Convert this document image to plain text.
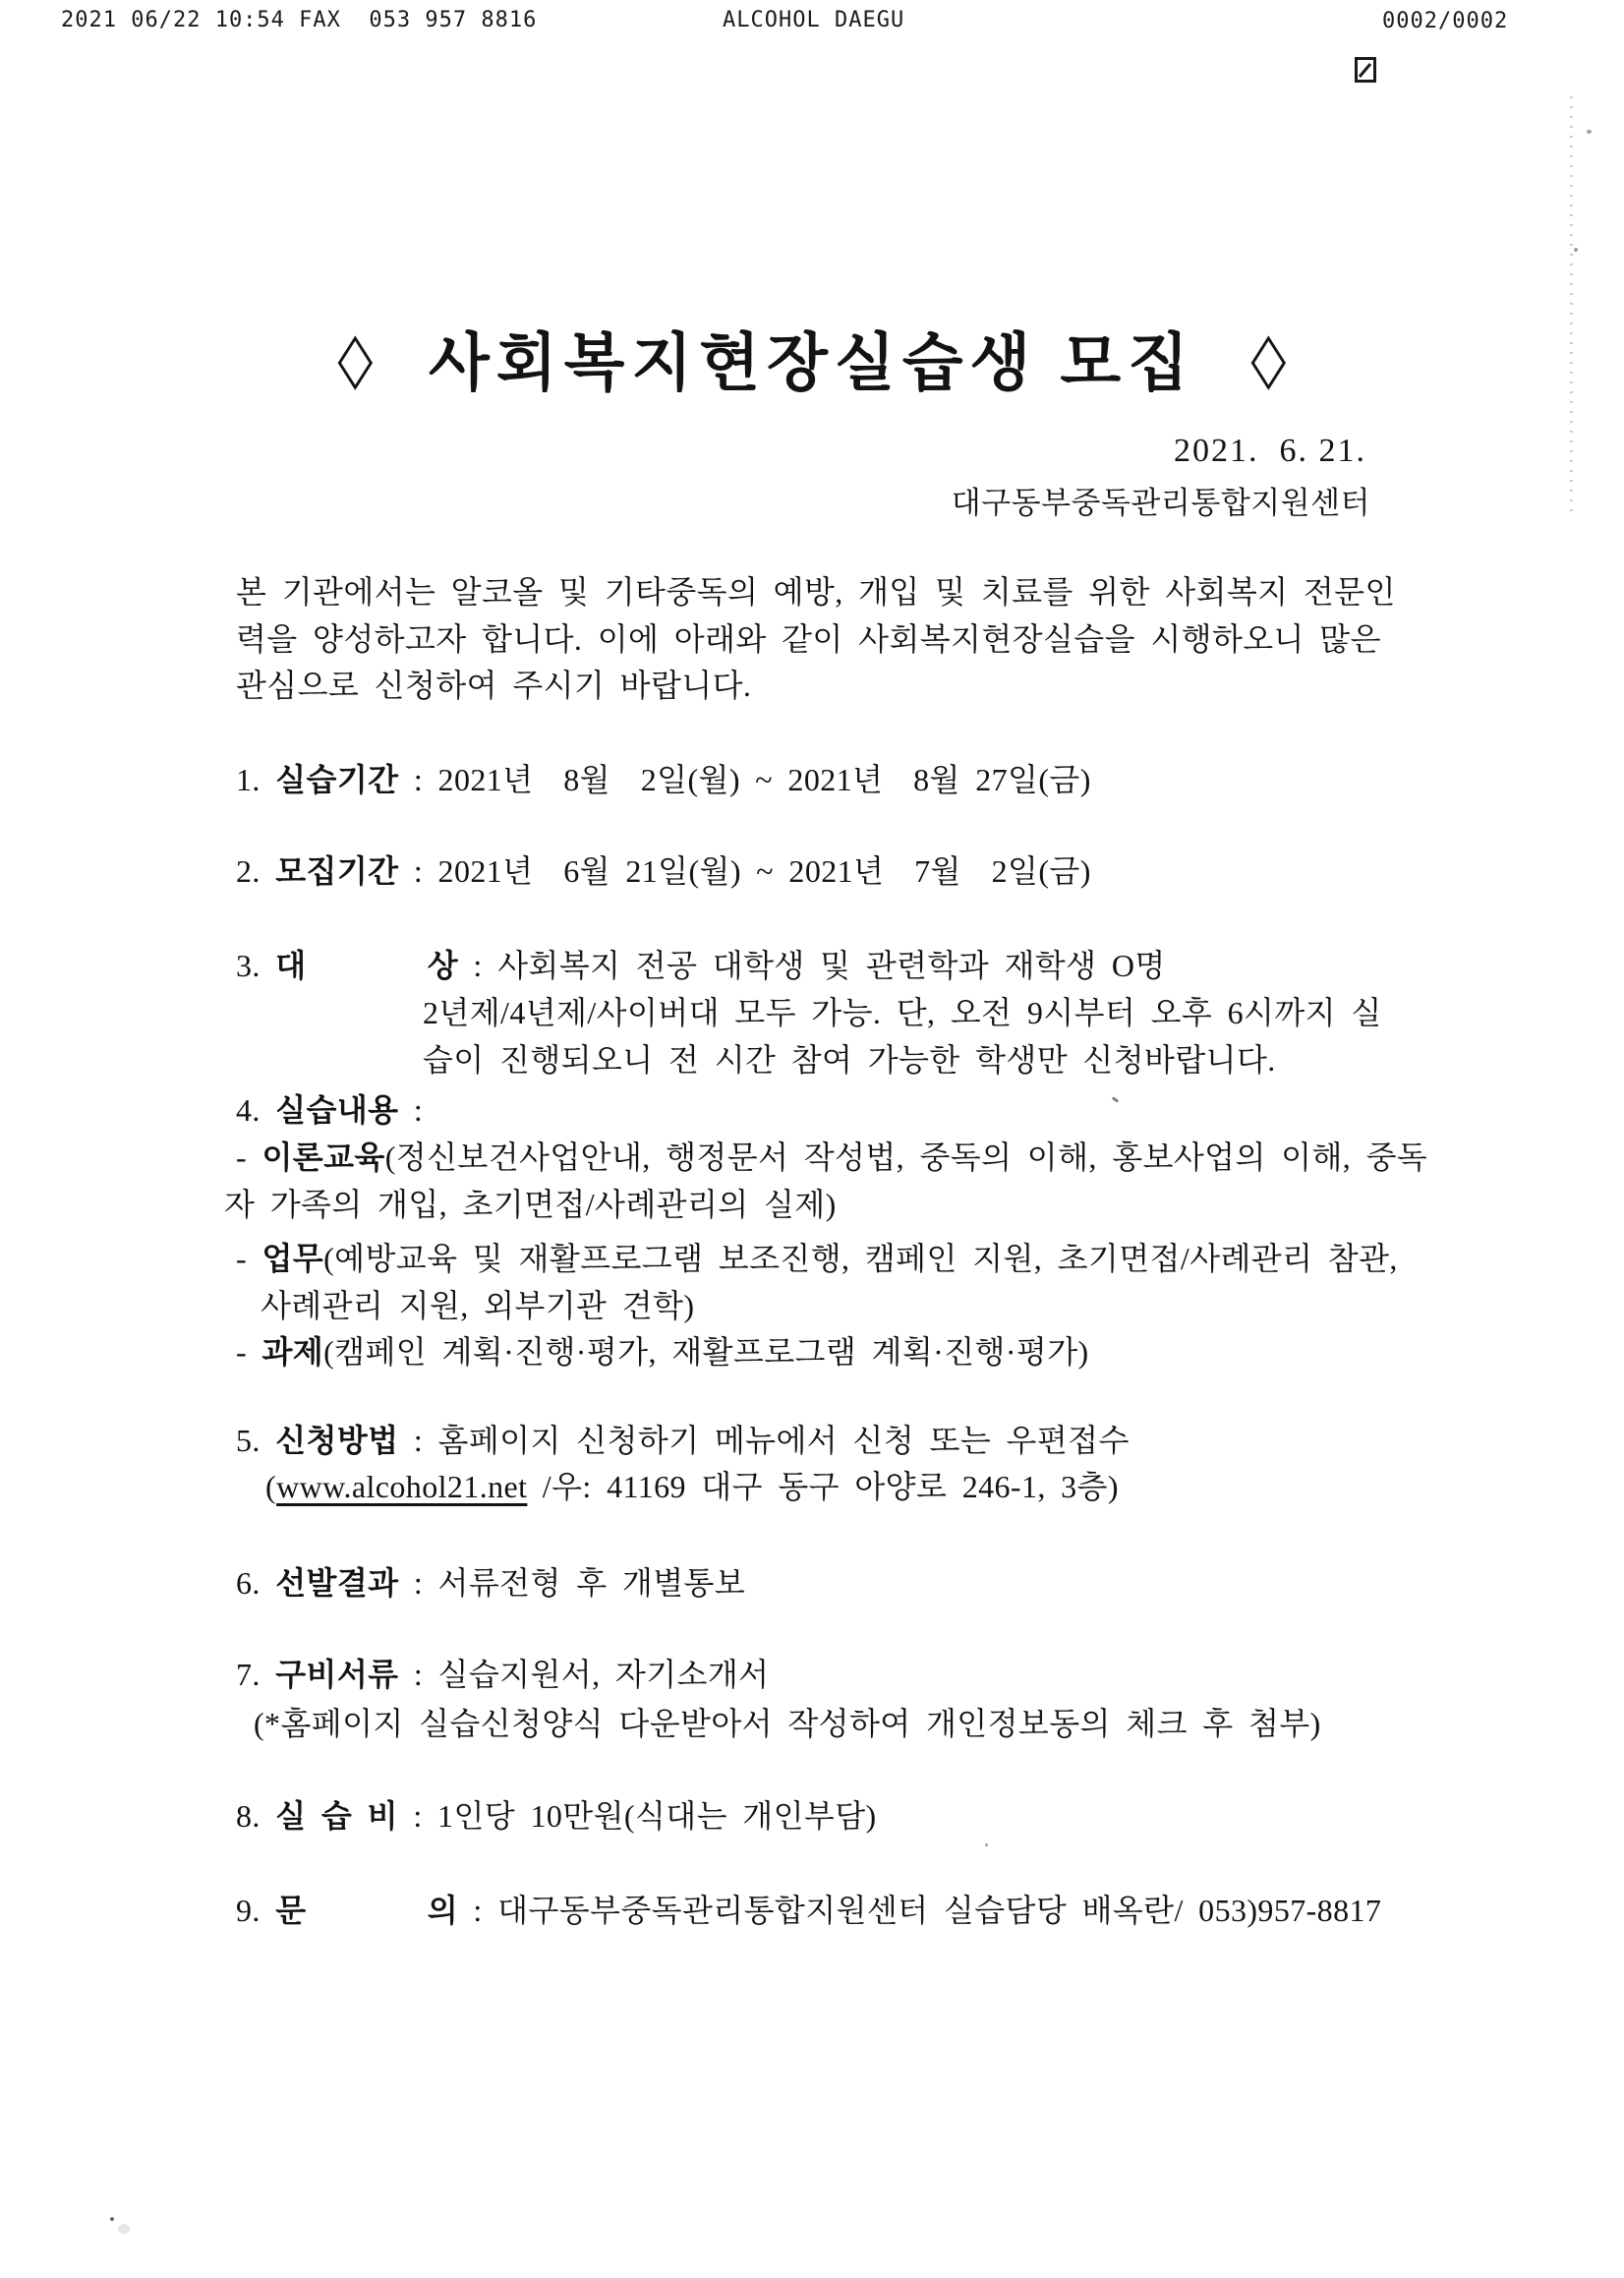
2021 06/22 10:54 FAX  053 957 8816	ALCOHOL DAEGU

	0002/0002
◇ 사회복지현장실습생 모집 ◇
2021.  6. 21.
대구동부중독관리통합지원센터
본 기관에서는 알코올 및 기타중독의 예방, 개입 및 치료를 위한 사회복지 전문인
력을 양성하고자 합니다. 이에 아래와 같이 사회복지현장실습을 시행하오니 많은
관심으로 신청하여 주시기 바랍니다.
1. 실습기간 : 2021년  8월  2일(월) ~ 2021년  8월 27일(금)
2. 모집기간 : 2021년  6월 21일(월) ~ 2021년  7월  2일(금)
3. 대        상 : 사회복지 전공 대학생 및 관련학과 재학생 O명
2년제/4년제/사이버대 모두 가능. 단, 오전 9시부터 오후 6시까지 실
습이 진행되오니 전 시간 참여 가능한 학생만 신청바랍니다.
4. 실습내용 :
- 이론교육(정신보건사업안내, 행정문서 작성법, 중독의 이해, 홍보사업의 이해, 중독
자 가족의 개입, 초기면접/사례관리의 실제)
- 업무(예방교육 및 재활프로그램 보조진행, 캠페인 지원, 초기면접/사례관리 참관,
사례관리 지원, 외부기관 견학)
- 과제(캠페인 계획·진행·평가, 재활프로그램 계획·진행·평가)
5. 신청방법 : 홈페이지 신청하기 메뉴에서 신청 또는 우편접수
(www.alcohol21.net /우: 41169 대구 동구 아양로 246-1, 3층)
6. 선발결과 : 서류전형 후 개별통보
7. 구비서류 : 실습지원서, 자기소개서
(*홈페이지 실습신청양식 다운받아서 작성하여 개인정보동의 체크 후 첨부)
8. 실 습 비 : 1인당 10만원(식대는 개인부담)
9. 문        의 : 대구동부중독관리통합지원센터 실습담당 배옥란/ 053)957-8817
